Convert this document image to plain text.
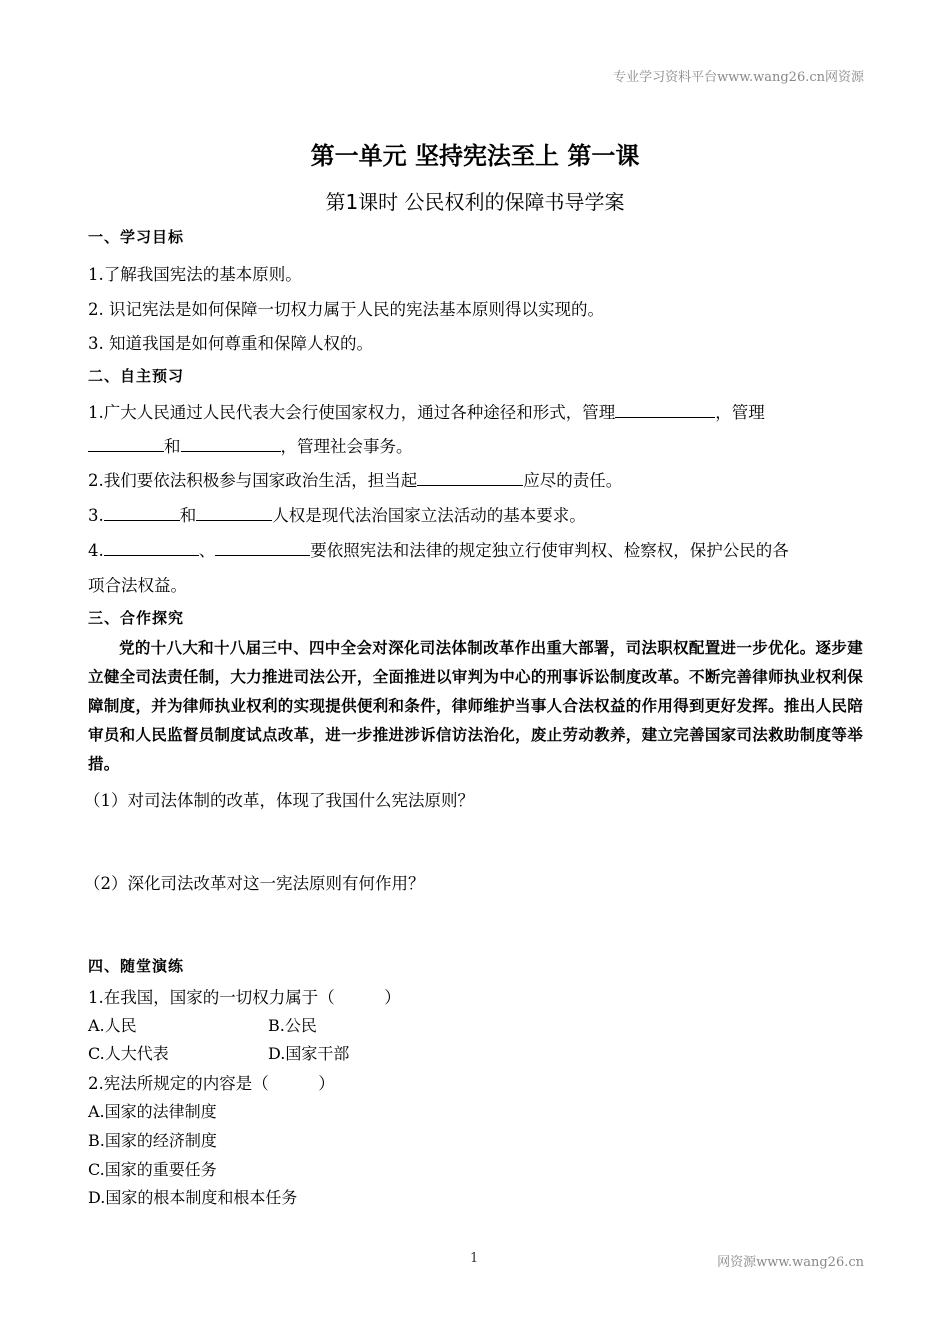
专业学习资料平台www.wang26.cn网资源
第一单元 坚持宪法至上 第一课
第1课时 公民权利的保障书导学案
一、学习目标
1.了解我国宪法的基本原则。
2. 识记宪法是如何保障一切权力属于人民的宪法基本原则得以实现的。
3. 知道我国是如何尊重和保障人权的。
二、自主预习
1.广大人民通过人民代表大会行使国家权力，通过各种途径和形式，管理	，管理
和	，管理社会事务。
2.我们要依法积极参与国家政治生活，担当起	应尽的责任。
3.	和	人权是现代法治国家立法活动的基本要求。
4.	、	要依照宪法和法律的规定独立行使审判权、检察权，保护公民的各
项合法权益。
三、合作探究

党的十八大和十八届三中、四中全会对深化司法体制改革作出重大部署，司法职权配置进一步优化。逐步建立健全司法责任制，大力推进司法公开，全面推进以审判为中心的刑事诉讼制度改革。不断完善律师执业权利保障制度，并为律师执业权利的实现提供便利和条件，律师维护当事人合法权益的作用得到更好发挥。推出人民陪审员和人民监督员制度试点改革，进一步推进涉诉信访法治化，废止劳动教养，建立完善国家司法救助制度等举措。

（1）对司法体制的改革，体现了我国什么宪法原则？
（2）深化司法改革对这一宪法原则有何作用？
四、随堂演练
1.在我国，国家的一切权力属于（　　　）
A.人民	B.公民
C.人大代表	D.国家干部
2.宪法所规定的内容是（　　　）
A.国家的法律制度
B.国家的经济制度
C.国家的重要任务
D.国家的根本制度和根本任务
1	网资源www.wang26.cn
